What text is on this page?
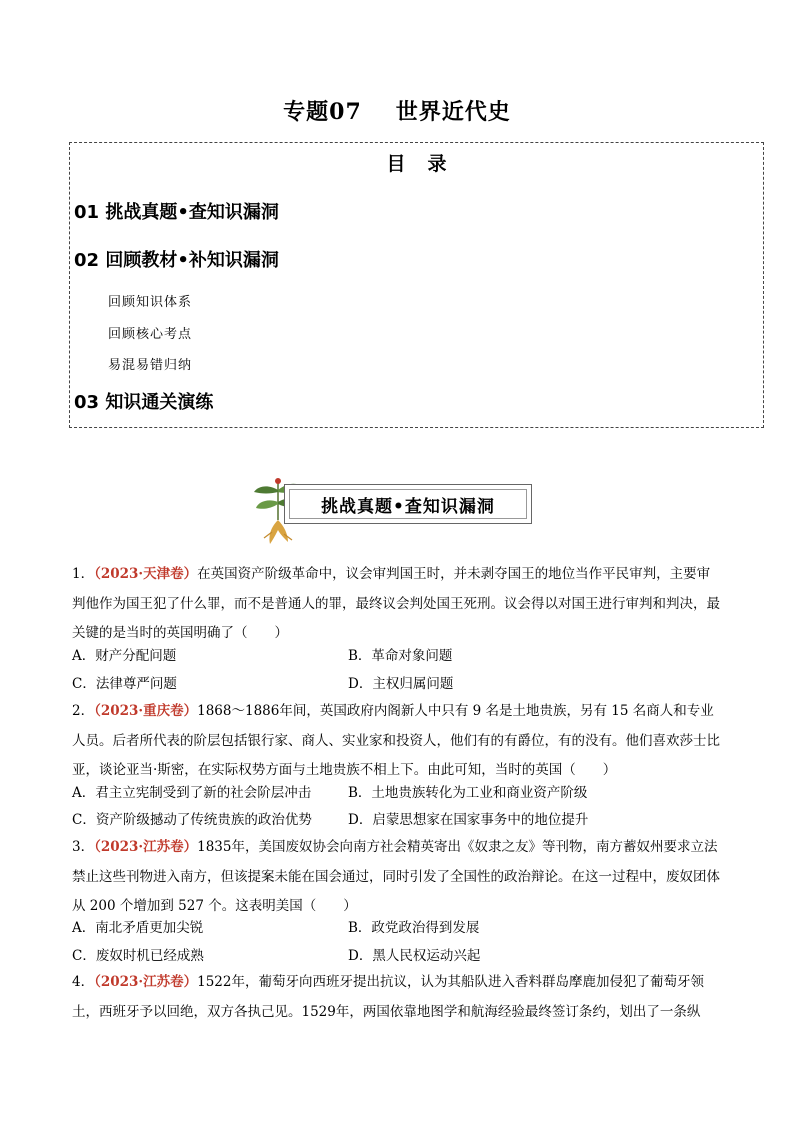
专题07 世界近代史
目 录
01 挑战真题•查知识漏洞
02 回顾教材•补知识漏洞
回顾知识体系
回顾核心考点
易混易错归纳
03 知识通关演练
挑战真题•查知识漏洞
1．（2023·天津卷）在英国资产阶级革命中，议会审判国王时，并未剥夺国王的地位当作平民审判，主要审判他作为国王犯了什么罪，而不是普通人的罪，最终议会判处国王死刑。议会得以对国王进行审判和判决，最关键的是当时的英国明确了（　　）
A．财产分配问题	B．革命对象问题
C．法律尊严问题	D．主权归属问题
2．（2023·重庆卷）1868～1886年间，英国政府内阁新人中只有 9 名是土地贵族，另有 15 名商人和专业人员。后者所代表的阶层包括银行家、商人、实业家和投资人，他们有的有爵位，有的没有。他们喜欢莎士比亚，谈论亚当·斯密，在实际权势方面与土地贵族不相上下。由此可知，当时的英国（　　）
A．君主立宪制受到了新的社会阶层冲击	B．土地贵族转化为工业和商业资产阶级
C．资产阶级撼动了传统贵族的政治优势	D．启蒙思想家在国家事务中的地位提升
3．（2023·江苏卷）1835年，美国废奴协会向南方社会精英寄出《奴隶之友》等刊物，南方蓄奴州要求立法禁止这些刊物进入南方，但该提案未能在国会通过，同时引发了全国性的政治辩论。在这一过程中，废奴团体从 200 个增加到 527 个。这表明美国（　　）
A．南北矛盾更加尖锐	B．政党政治得到发展
C．废奴时机已经成熟	D．黑人民权运动兴起
4．（2023·江苏卷）1522年，葡萄牙向西班牙提出抗议，认为其船队进入香料群岛摩鹿加侵犯了葡萄牙领土，西班牙予以回绝，双方各执己见。1529年，两国依靠地图学和航海经验最终签订条约，划出了一条纵
